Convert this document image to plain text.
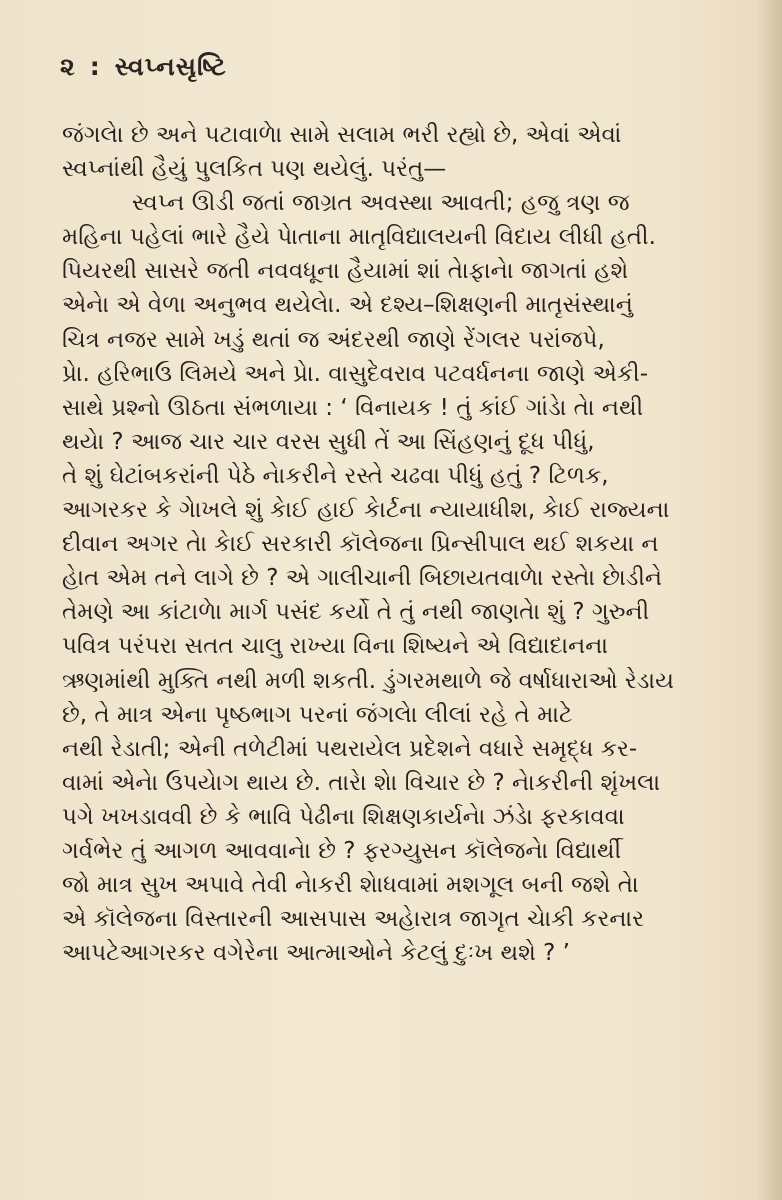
૨ : સ્વપ્નસૃષ્ટિ
જંગલેા છે અને પટાવાળેા સામે સલામ ભરી રહ્યો છે, એવાં એવાં
સ્વપ્નાંથી હૈયું પુલકિત પણ થયેલું. પરંતુ—
સ્વપ્ન ઊડી જતાં જાગ્રત અવસ્થા આવતી; હજુ ત્રણ જ
મહિના પહેલાં ભારે હૈયે પેાતાના માતૃવિદ્યાલયની વિદાય લીધી હતી.
પિયરથી સાસરે જતી નવવધૂના હૈયામાં શાં તેાફાનેા જાગતાં હશે
એનેા એ વેળા અનુભવ થયેલેા. એ દશ્ય–શિક્ષણની માતૃસંસ્થાનું
ચિત્ર નજર સામે ખડું થતાં જ અંદરથી જાણે રેંગલર પરાંજપે,
પ્રેા. હરિભાઉ લિમયે અને પ્રેા. વાસુદેવરાવ પટવર્ધનના જાણે એકી-
સાથે પ્રશ્નો ઊઠતા સંભળાયા : ‘ વિનાયક ! તું કાંઈ ગાંડેા તેા નથી
થયેા ? આજ ચાર ચાર વરસ સુધી તેં આ સિંહણનું દૂધ પીધું,
તે શું ઘેટાંબકરાંની પેઠે નેાકરીને રસ્તે ચઢવા પીધું હતું ? ટિળક,
આગરકર કે ગેાખલે શું કેાઈ હાઈ કેાર્ટના ન્યાયાધીશ, કેાઈ રાજ્યના
દીવાન અગર તેા કેાઈ સરકારી કૉલેજના પ્રિન્સીપાલ થઈ શકયા ન
હેાત એમ તને લાગે છે ? એ ગાલીચાની બિછાયતવાળેા રસ્તેા છેાડીને
તેમણે આ કાંટાળેા માર્ગ પસંદ કર્યો તે તું નથી જાણતેા શું ? ગુરુની
પવિત્ર પરંપરા સતત ચાલુ રાખ્યા વિના શિષ્યને એ વિદ્યાદાનના
ઋણમાંથી મુક્તિ નથી મળી શકતી. ડુંગરમથાળે જે વર્ષાધારાઓ રેડાય
છે, તે માત્ર એના પૃષ્ઠભાગ પરનાં જંગલેા લીલાં રહે તે માટે
નથી રેડાતી; એની તળેટીમાં પથરાયેલ પ્રદેશને વધારે સમૃદ્ધ કર-
વામાં એનેા ઉપયેાગ થાય છે. તારેા શેા વિચાર છે ? નેાકરીની શૃંખલા
પગે ખખડાવવી છે કે ભાવિ પેઢીના શિક્ષણકાર્યનેા ઝંડેા ફરકાવવા
ગર્વભેર તું આગળ આવવાનેા છે ? ફરગ્યુસન કૉલેજનેા વિદ્યાર્થી
જો માત્ર સુખ અપાવે તેવી નેાકરી શેાધવામાં મશગૂલ બની જશે તેા
એ કૉલેજના વિસ્તારની આસપાસ અહેારાત્ર જાગૃત ચેાકી કરનાર
આપટેઆગરકર વગેરેના આત્માઓને કેટલું દુઃખ થશે ? ’
